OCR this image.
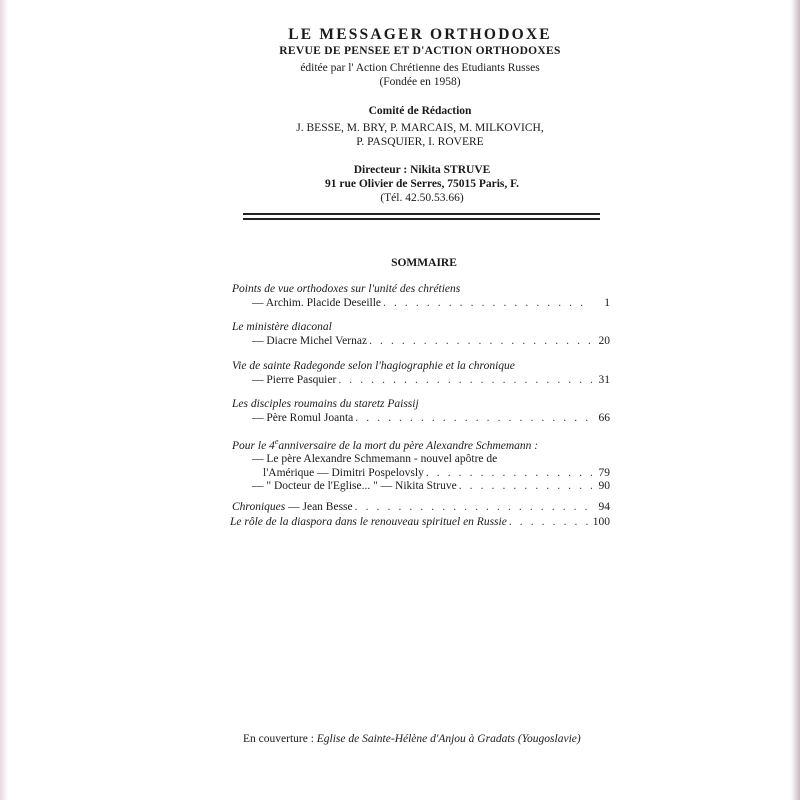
LE MESSAGER ORTHODOXE
REVUE DE PENSEE ET D'ACTION ORTHODOXES
éditée par l' Action Chrétienne des Etudiants Russes
(Fondée en 1958)
Comité de Rédaction
J. BESSE, M. BRY, P. MARCAIS, M. MILKOVICH,
P. PASQUIER, I. ROVERE
Directeur : Nikita STRUVE
91 rue Olivier de Serres, 75015 Paris, F.
(Tél. 42.50.53.66)
SOMMAIRE
Points de vue orthodoxes sur l'unité des chrétiens
— Archim. Placide Deseille . . .	1
Le ministère diaconal
— Diacre Michel Vernaz . . .	20
Vie de sainte Radegonde selon l'hagiographie et la chronique
— Pierre Pasquier . . .	31
Les disciples roumains du staretz Paissij
— Père Romul Joanta . . .	66
Pour le 4eanniversaire de la mort du père Alexandre Schmemann :
— Le père Alexandre Schmemann - nouvel apôtre de
l'Amérique — Dimitri Pospelovsly . . .	79
— " Docteur de l'Eglise... " — Nikita Struve . . .	90
Chroniques — Jean Besse . . .	94
Le rôle de la diaspora dans le renouveau spirituel en Russie . . .	100
En couverture : Eglise de Sainte-Hélène d'Anjou à Gradats (Yougoslavie)
